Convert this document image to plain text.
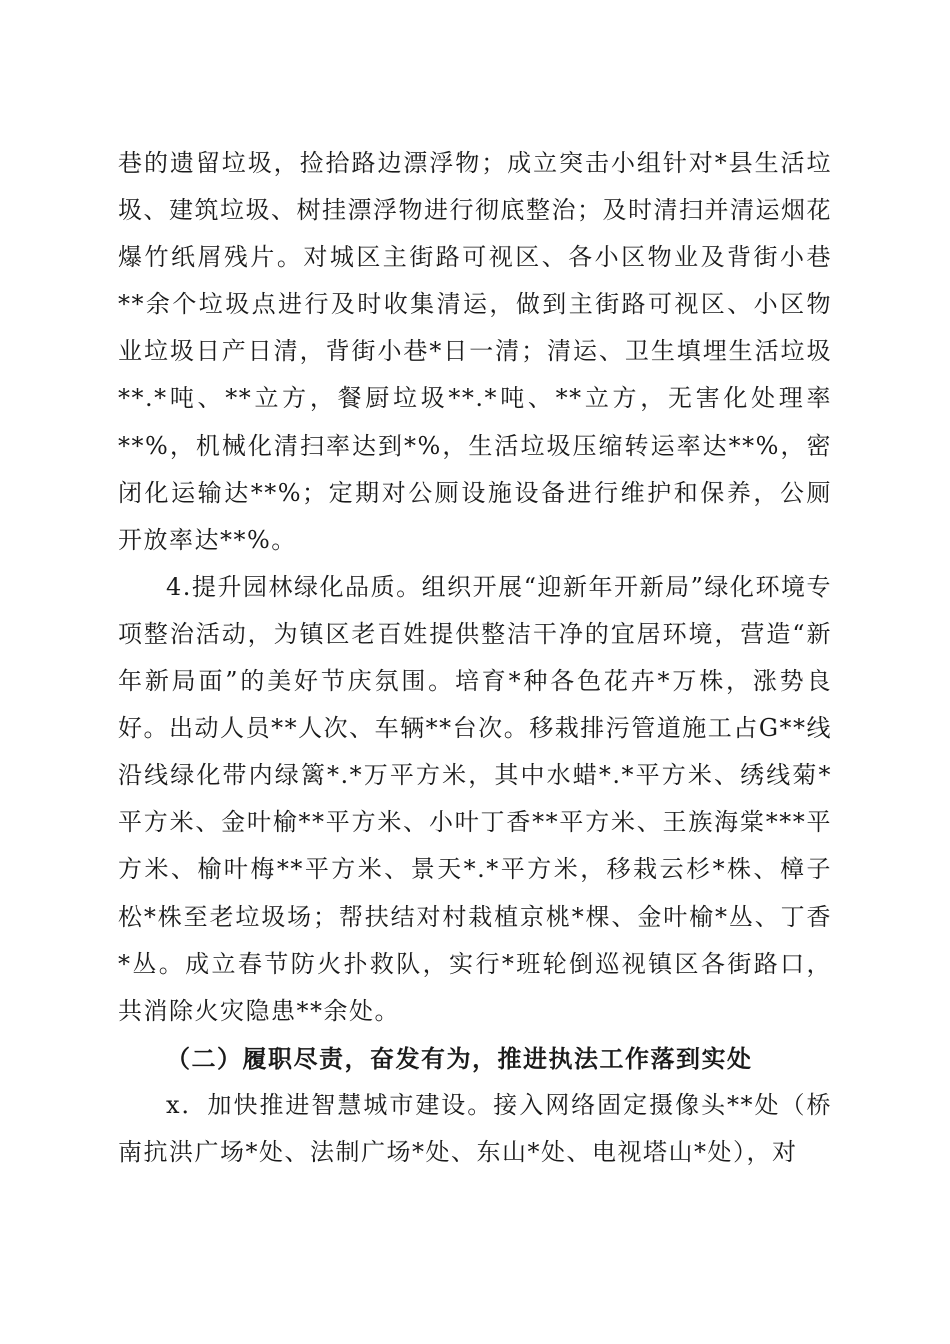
巷的遗留垃圾，捡拾路边漂浮物；成立突击小组针对*县生活垃圾、建筑垃圾、树挂漂浮物进行彻底整治；及时清扫并清运烟花爆竹纸屑残片。对城区主街路可视区、各小区物业及背街小巷**余个垃圾点进行及时收集清运，做到主街路可视区、小区物业垃圾日产日清，背街小巷*日一清；清运、卫生填埋生活垃圾**.*吨、**立方，餐厨垃圾**.*吨、**立方，无害化处理率**%，机械化清扫率达到*%，生活垃圾压缩转运率达**%，密闭化运输达**%；定期对公厕设施设备进行维护和保养，公厕开放率达**%。

4.提升园林绿化品质。组织开展“迎新年开新局”绿化环境专项整治活动，为镇区老百姓提供整洁干净的宜居环境，营造“新年新局面”的美好节庆氛围。培育*种各色花卉*万株，涨势良好。出动人员**人次、车辆**台次。移栽排污管道施工占G**线沿线绿化带内绿篱*.*万平方米，其中水蜡*.*平方米、绣线菊*平方米、金叶榆**平方米、小叶丁香**平方米、王族海棠***平方米、榆叶梅**平方米、景天*.*平方米，移栽云杉*株、樟子松*株至老垃圾场；帮扶结对村栽植京桃*棵、金叶榆*丛、丁香*丛。成立春节防火扑救队，实行*班轮倒巡视镇区各街路口，共消除火灾隐患**余处。

（二）履职尽责，奋发有为，推进执法工作落到实处

x．加快推进智慧城市建设。接入网络固定摄像头**处（桥南抗洪广场*处、法制广场*处、东山*处、电视塔山*处），对
